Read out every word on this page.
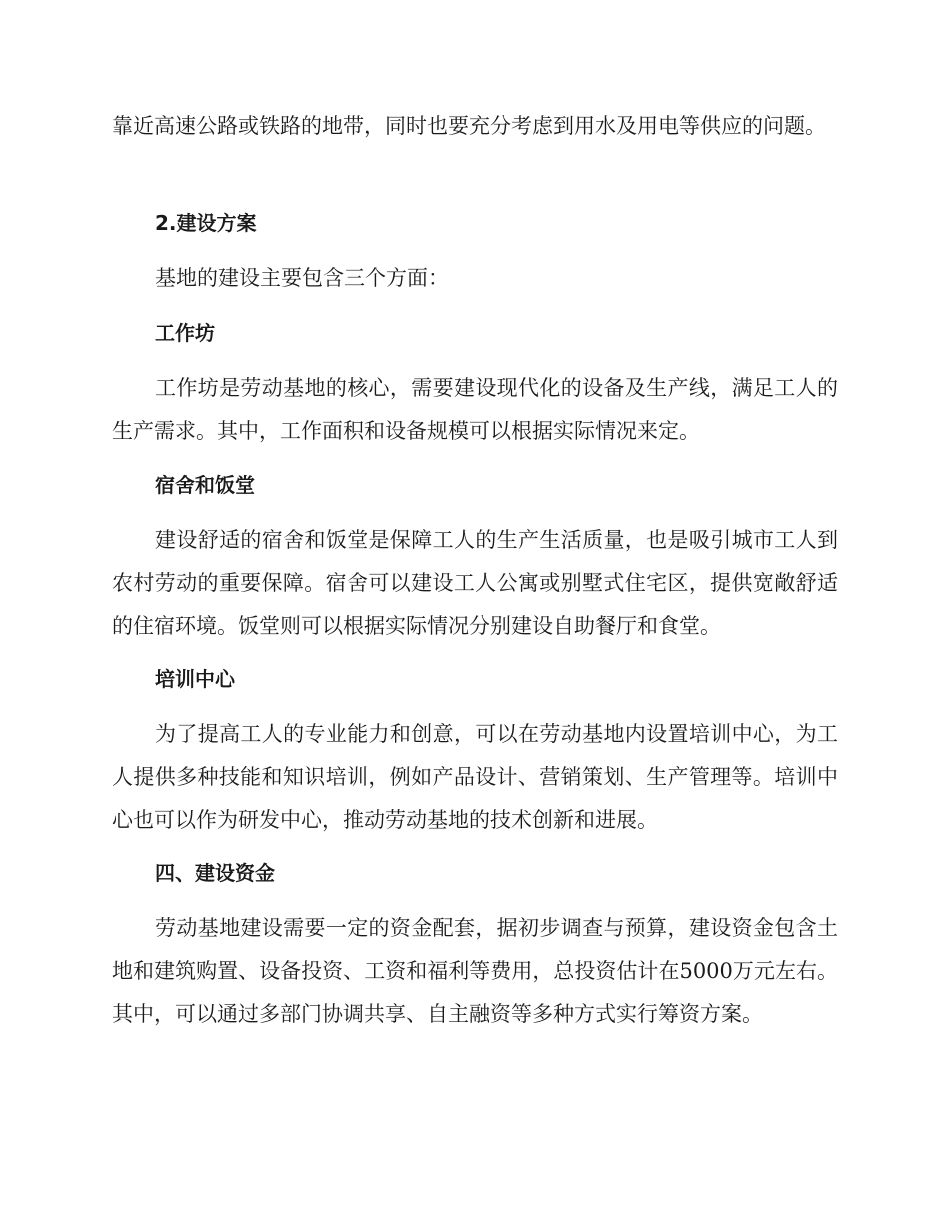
靠近高速公路或铁路的地带，同时也要充分考虑到用水及用电等供应的问题。

2.建设方案

基地的建设主要包含三个方面：

工作坊

工作坊是劳动基地的核心，需要建设现代化的设备及生产线，满足工人的生产需求。其中，工作面积和设备规模可以根据实际情况来定。

宿舍和饭堂

建设舒适的宿舍和饭堂是保障工人的生产生活质量，也是吸引城市工人到农村劳动的重要保障。宿舍可以建设工人公寓或别墅式住宅区，提供宽敞舒适的住宿环境。饭堂则可以根据实际情况分别建设自助餐厅和食堂。

培训中心

为了提高工人的专业能力和创意，可以在劳动基地内设置培训中心，为工人提供多种技能和知识培训，例如产品设计、营销策划、生产管理等。培训中心也可以作为研发中心，推动劳动基地的技术创新和进展。

四、建设资金

劳动基地建设需要一定的资金配套，据初步调查与预算，建设资金包含土地和建筑购置、设备投资、工资和福利等费用，总投资估计在5000万元左右。其中，可以通过多部门协调共享、自主融资等多种方式实行筹资方案。
